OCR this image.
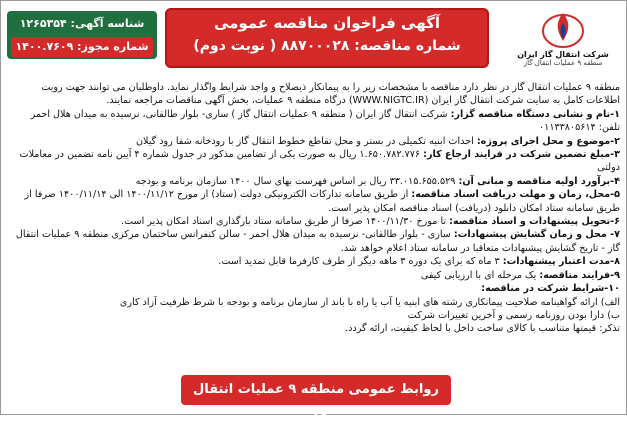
شناسه آگهی: ۱۲۶۵۳۵۴
شماره مجوز: ۱۴۰۰.۷۶۰۹
آگهی فراخوان مناقصه عمومی
شماره مناقصه: ۸۸۷۰۰۰۲۸ ( نوبت دوم)
شرکت انتقال گاز ایران
منطقه ۹ عملیات انتقال گاز

منطقه ۹ عملیات انتقال گاز در نظر دارد مناقصه با مشخصات زیر را به پیمانکار ذیصلاح و واجد شرایط واگذار نماید. داوطلبان می توانند جهت رویت اطلاعات کامل به سایت شرکت انتقال گاز ایران (WWW.NIGTC.IR) درگاه منطقه ۹ عملیات، بخش آگهی مناقصات مراجعه نمایند.

۱-نام و نشانی دستگاه مناقصه گزار: شرکت انتقال گاز ایران ( منطقه ۹ عملیات انتقال گاز ) ساری- بلوار طالقانی، نرسیده به میدان هلال احمر تلفن: ۰۱۱۳۳۸۰۵۶۱۴

۲-موضوع و محل اجرای پروژه: احداث ابنیه تکمیلی در بستر و محل تقاطع خطوط انتقال گاز با رودخانه شفا رود گیلان

۳-مبلغ تضمین شرکت در فرایند ارجاع کار: ۱.۶۵۰.۷۸۲.۷۷۶ ریال به صورت یکی از تضامین مذکور در جدول شماره ۴ آیین نامه تضمین در معاملات دولتی

۴-برآورد اولیه مناقصه و مبانی آن: ۳۳.۰۱۵.۶۵۵.۵۲۹ ریال بر اساس فهرست بهای سال ۱۴۰۰ سازمان برنامه و بودجه

۵-محل، زمان و مهلت دریافت اسناد مناقصه: از طریق سامانه تدارکات الکترونیکی دولت (ستاد) از مورخ ۱۴۰۰/۱۱/۱۲ الی ۱۴۰۰/۱۱/۱۴ صرفا از طریق سامانه ستاد امکان دانلود (دریافت) اسناد مناقصه امکان پذیر است.

۶-تحویل پیشنهادات و اسناد مناقصه: تا مورخ ۱۴۰۰/۱۱/۳۰ صرفا از طریق سامانه ستاد بارگذاری اسناد امکان پذیر است.

۷- محل و زمان گشایش پیشنهادات: ساری - بلوار طالقانی- نرسیده به میدان هلال احمر - سالن کنفرانس ساختمان مرکزی منطقه ۹ عملیات انتقال گاز - تاریخ گشایش پیشنهادات متعاقبا در سامانه ستاد اعلام خواهد شد.

۸-مدت اعتبار پیشنهادات: ۳ ماه که برای یک دوره ۳ ماهه دیگر از طرف کارفرما قابل تمدید است.

۹-فرایند مناقصه: یک مرحله ای با ارزیابی کیفی

۱۰-شرایط شرکت در مناقصه:

الف) ارائه گواهینامه صلاحیت پیمانکاری رشته های ابنیه یا آب یا راه با باند از سازمان برنامه و بودجه با شرط ظرفیت آزاد کاری

ب) دارا بودن روزنامه رسمی و آخرین تغییرات شرکت

تذکر: قیمتها متناسب با کالای ساخت داخل با لحاظ کیفیت، ارائه گردد.

روابط عمومی منطقه ۹ عملیات انتقال گاز
